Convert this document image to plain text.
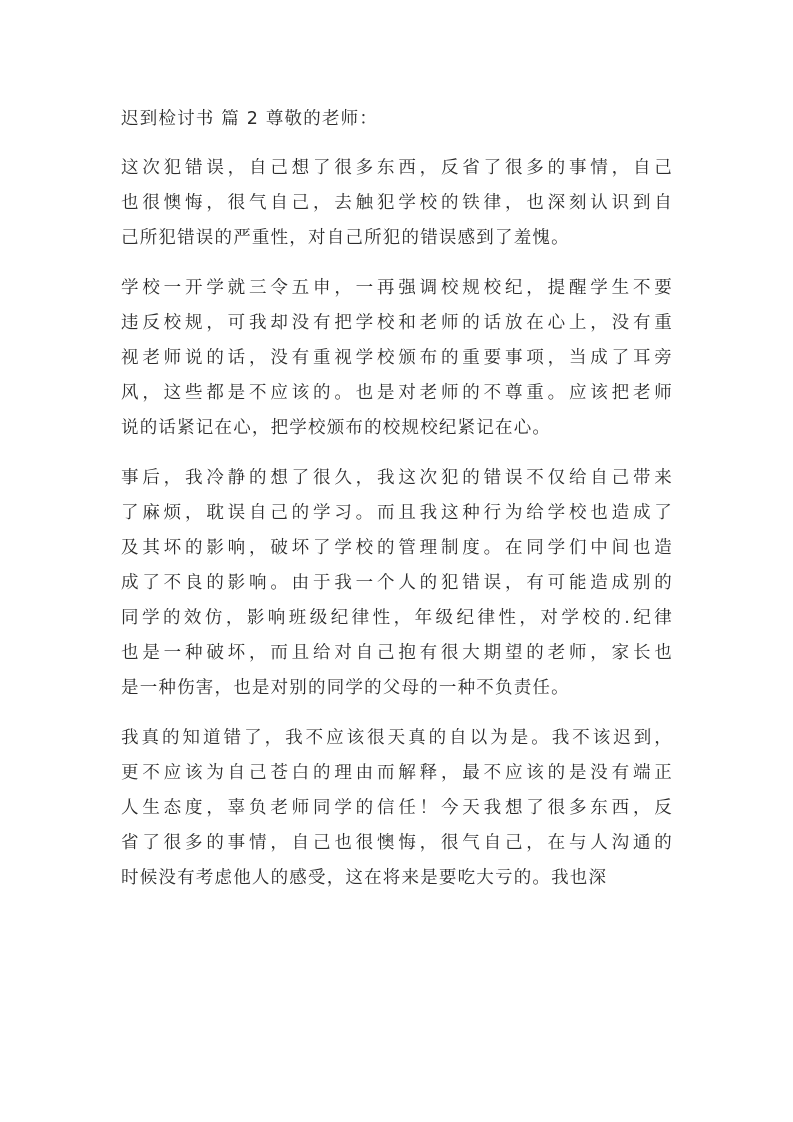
迟到检讨书 篇 2 尊敬的老师：
这次犯错误，自己想了很多东西，反省了很多的事情，自己
也很懊悔，很气自己，去触犯学校的铁律，也深刻认识到自
己所犯错误的严重性，对自己所犯的错误感到了羞愧。
学校一开学就三令五申，一再强调校规校纪，提醒学生不要
违反校规，可我却没有把学校和老师的话放在心上，没有重
视老师说的话，没有重视学校颁布的重要事项，当成了耳旁
风，这些都是不应该的。也是对老师的不尊重。应该把老师
说的话紧记在心，把学校颁布的校规校纪紧记在心。
事后，我冷静的想了很久，我这次犯的错误不仅给自己带来
了麻烦，耽误自己的学习。而且我这种行为给学校也造成了
及其坏的影响，破坏了学校的管理制度。在同学们中间也造
成了不良的影响。由于我一个人的犯错误，有可能造成别的
同学的效仿，影响班级纪律性，年级纪律性，对学校的.纪律
也是一种破坏，而且给对自己抱有很大期望的老师，家长也
是一种伤害，也是对别的同学的父母的一种不负责任。
我真的知道错了，我不应该很天真的自以为是。我不该迟到，
更不应该为自己苍白的理由而解释，最不应该的是没有端正
人生态度，辜负老师同学的信任！今天我想了很多东西，反
省了很多的事情，自己也很懊悔，很气自己，在与人沟通的
时候没有考虑他人的感受，这在将来是要吃大亏的。我也深
